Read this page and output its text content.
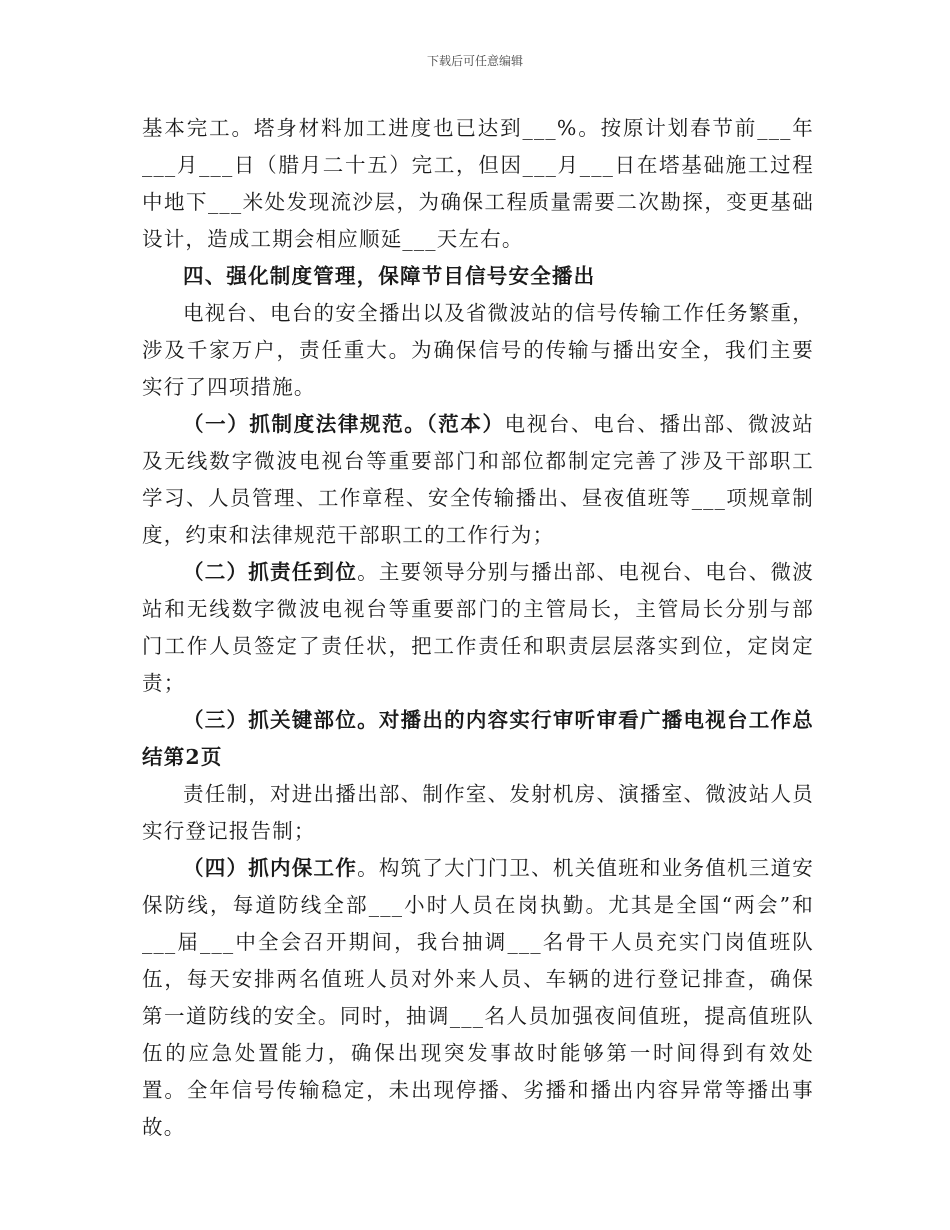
下载后可任意编辑

基本完工。塔身材料加工进度也已达到___%。按原计划春节前___年___月___日（腊月二十五）完工，但因___月___日在塔基础施工过程中地下___米处发现流沙层，为确保工程质量需要二次勘探，变更基础设计，造成工期会相应顺延___天左右。

四、强化制度管理，保障节目信号安全播出

电视台、电台的安全播出以及省微波站的信号传输工作任务繁重，涉及千家万户，责任重大。为确保信号的传输与播出安全，我们主要实行了四项措施。

（一）抓制度法律规范。（范本）电视台、电台、播出部、微波站及无线数字微波电视台等重要部门和部位都制定完善了涉及干部职工学习、人员管理、工作章程、安全传输播出、昼夜值班等___项规章制度，约束和法律规范干部职工的工作行为；

（二）抓责任到位。主要领导分别与播出部、电视台、电台、微波站和无线数字微波电视台等重要部门的主管局长，主管局长分别与部门工作人员签定了责任状，把工作责任和职责层层落实到位，定岗定责；

（三）抓关键部位。对播出的内容实行审听审看广播电视台工作总结第2页

责任制，对进出播出部、制作室、发射机房、演播室、微波站人员实行登记报告制；

（四）抓内保工作。构筑了大门门卫、机关值班和业务值机三道安保防线，每道防线全部___小时人员在岗执勤。尤其是全国“两会”和___届___中全会召开期间，我台抽调___名骨干人员充实门岗值班队伍，每天安排两名值班人员对外来人员、车辆的进行登记排查，确保第一道防线的安全。同时，抽调___名人员加强夜间值班，提高值班队伍的应急处置能力，确保出现突发事故时能够第一时间得到有效处置。全年信号传输稳定，未出现停播、劣播和播出内容异常等播出事故。
